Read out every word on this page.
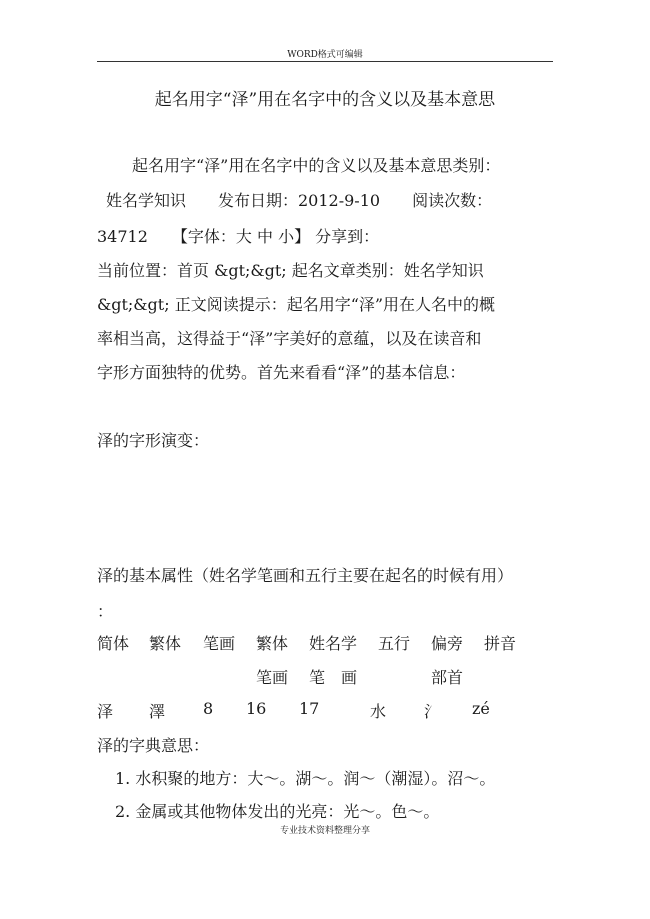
WORD格式可编辑
起名用字“泽”用在名字中的含义以及基本意思
起名用字“泽”用在名字中的含义以及基本意思类别：
姓名学知识　　发布日期：2012-9-10　　阅读次数：
34712　　【字体：大 中 小】 分享到：
当前位置：首页 &gt;&gt; 起名文章类别：姓名学知识
&gt;&gt; 正文阅读提示：起名用字“泽”用在人名中的概
率相当高，这得益于“泽”字美好的意蕴，以及在读音和
字形方面独特的优势。首先来看看“泽”的基本信息：
泽的字形演变：
泽的基本属性（姓名学笔画和五行主要在起名的时候有用）
：
简体 繁体 笔画 繁体 姓名学 五行 偏旁 拼音
笔画 笔　画	部首
泽 澤 8 16 17	水 氵 zé
泽的字典意思：
1. 水积聚的地方：大～。湖～。润～（潮湿）。沼～。
2. 金属或其他物体发出的光亮：光～。色～。
专业技术资料整理分享
